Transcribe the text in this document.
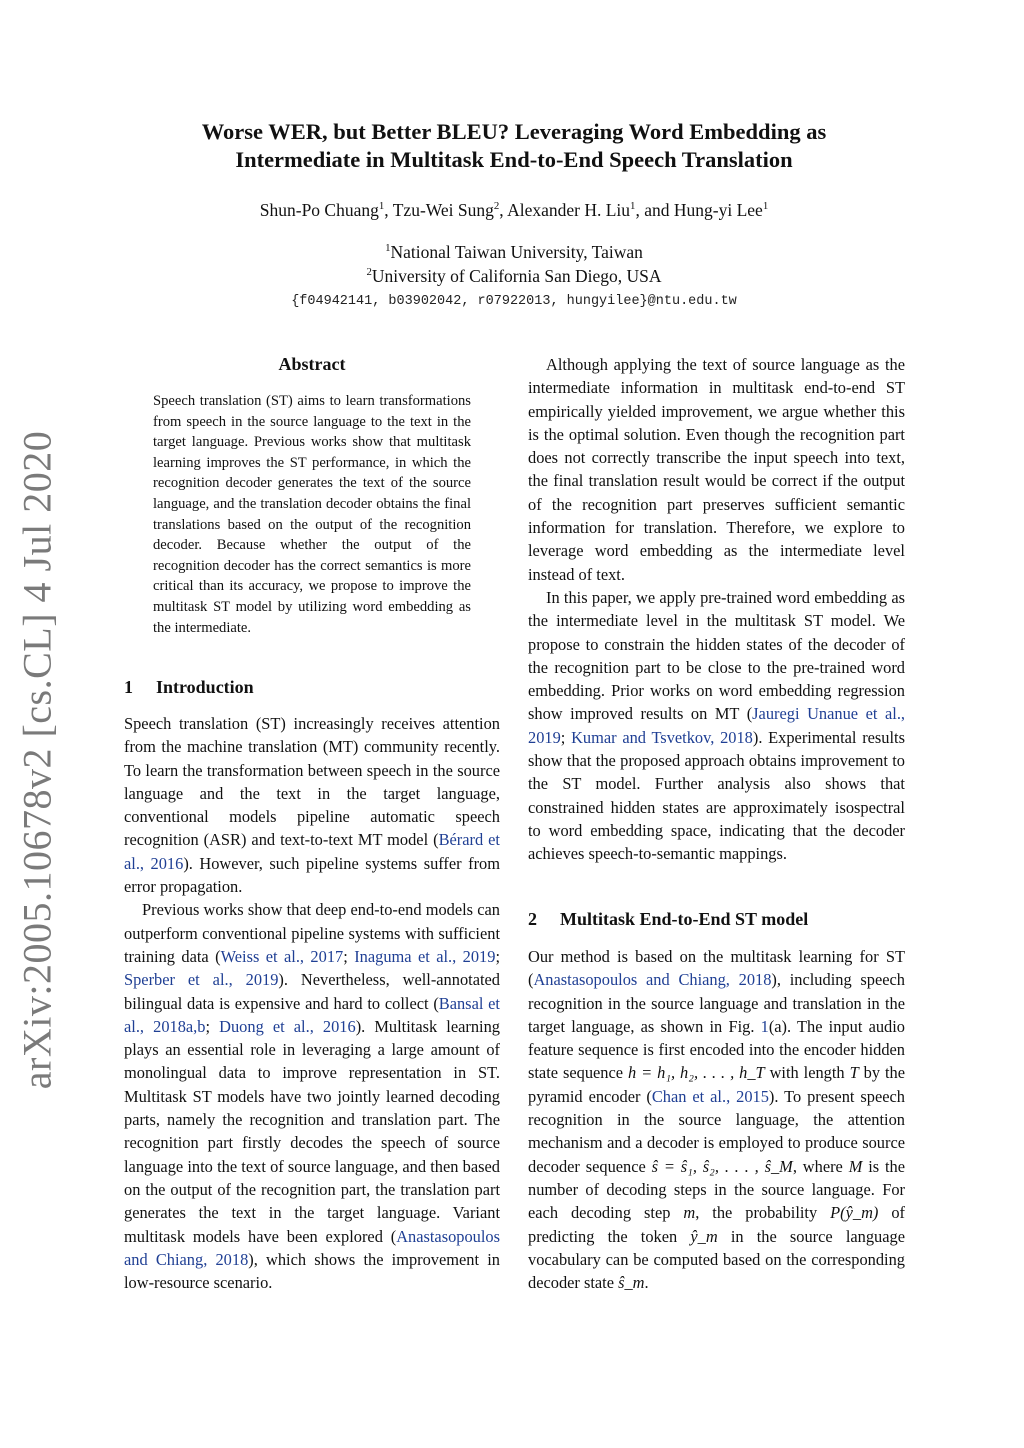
arXiv:2005.10678v2 [cs.CL] 4 Jul 2020
Worse WER, but Better BLEU? Leveraging Word Embedding as
Intermediate in Multitask End-to-End Speech Translation
Shun-Po Chuang$^1$, Tzu-Wei Sung$^2$, Alexander H. Liu$^1$, and Hung-yi Lee$^1$
$^1$National Taiwan University, Taiwan
$^2$University of California San Diego, USA
{f04942141, b03902042, r07922013, hungyilee}@ntu.edu.tw
Abstract
Speech translation (ST) aims to learn transformations from speech in the source language to the text in the target language. Previous works show that multitask learning improves the ST performance, in which the recognition decoder generates the text of the source language, and the translation decoder obtains the final translations based on the output of the recognition decoder. Because whether the output of the recognition decoder has the correct semantics is more critical than its accuracy, we propose to improve the multitask ST model by utilizing word embedding as the intermediate.
1 Introduction

Speech translation (ST) increasingly receives attention from the machine translation (MT) community recently. To learn the transformation between speech in the source language and the text in the target language, conventional models pipeline automatic speech recognition (ASR) and text-to-text MT model (Bérard et al., 2016). However, such pipeline systems suffer from error propagation.

Previous works show that deep end-to-end models can outperform conventional pipeline systems with sufficient training data (Weiss et al., 2017; Inaguma et al., 2019; Sperber et al., 2019). Nevertheless, well-annotated bilingual data is expensive and hard to collect (Bansal et al., 2018a,b; Duong et al., 2016). Multitask learning plays an essential role in leveraging a large amount of monolingual data to improve representation in ST. Multitask ST models have two jointly learned decoding parts, namely the recognition and translation part. The recognition part firstly decodes the speech of source language into the text of source language, and then based on the output of the recognition part, the translation part generates the text in the target language. Variant multitask models have been explored (Anastasopoulos and Chiang, 2018), which shows the improvement in low-resource scenario.

Although applying the text of source language as the intermediate information in multitask end-to-end ST empirically yielded improvement, we argue whether this is the optimal solution. Even though the recognition part does not correctly transcribe the input speech into text, the final translation result would be correct if the output of the recognition part preserves sufficient semantic information for translation. Therefore, we explore to leverage word embedding as the intermediate level instead of text.

In this paper, we apply pre-trained word embedding as the intermediate level in the multitask ST model. We propose to constrain the hidden states of the decoder of the recognition part to be close to the pre-trained word embedding. Prior works on word embedding regression show improved results on MT (Jauregi Unanue et al., 2019; Kumar and Tsvetkov, 2018). Experimental results show that the proposed approach obtains improvement to the ST model. Further analysis also shows that constrained hidden states are approximately isospectral to word embedding space, indicating that the decoder achieves speech-to-semantic mappings.

2 Multitask End-to-End ST model

Our method is based on the multitask learning for ST (Anastasopoulos and Chiang, 2018), including speech recognition in the source language and translation in the target language, as shown in Fig. 1(a). The input audio feature sequence is first encoded into the encoder hidden state sequence h = h₁, h₂, . . . , h_T with length T by the pyramid encoder (Chan et al., 2015). To present speech recognition in the source language, the attention mechanism and a decoder is employed to produce source decoder sequence ŝ = ŝ₁, ŝ₂, . . . , ŝ_M, where M is the number of decoding steps in the source language. For each decoding step m, the probability P(ŷ_m) of predicting the token ŷ_m in the source language vocabulary can be computed based on the corresponding decoder state ŝ_m.
